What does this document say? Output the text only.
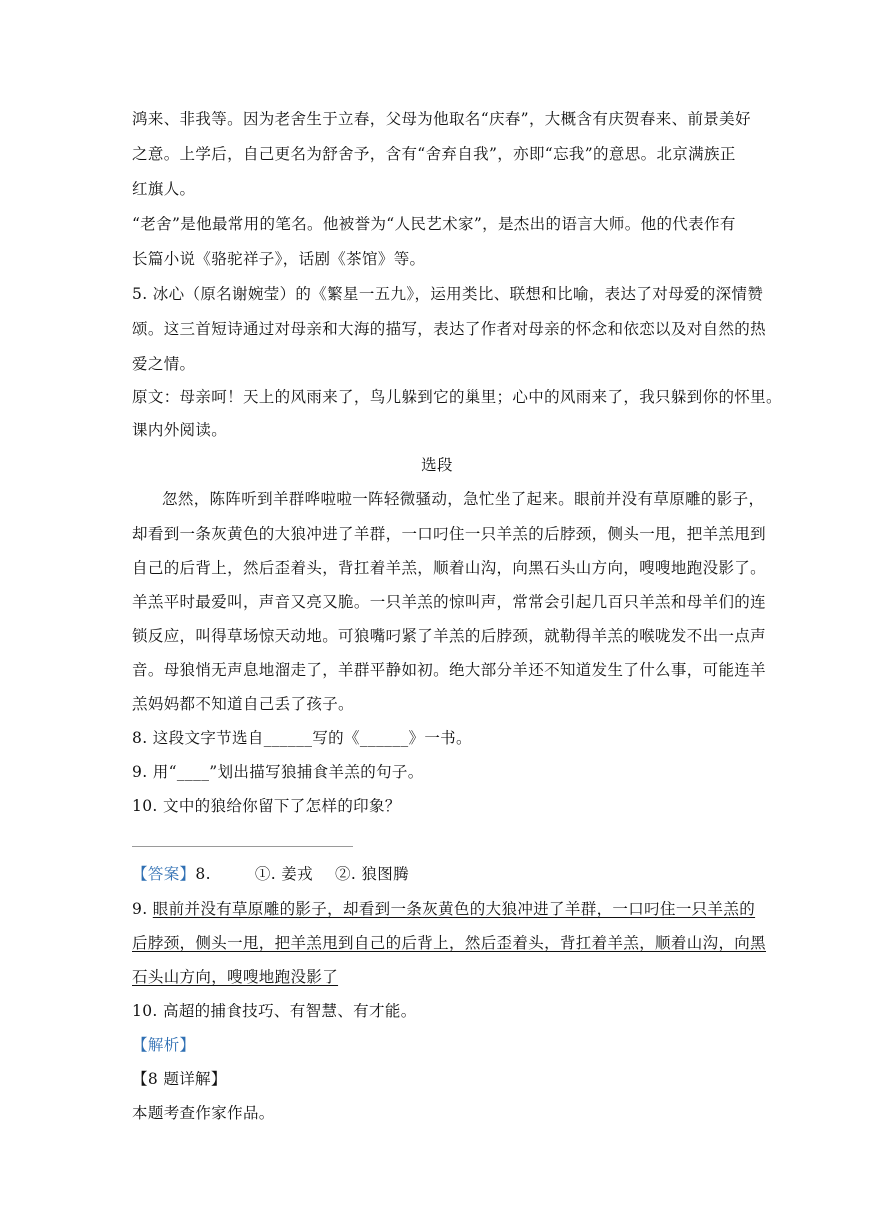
鸿来、非我等。因为老舍生于立春，父母为他取名“庆春”，大概含有庆贺春来、前景美好
之意。上学后，自己更名为舒舍予，含有“舍弃自我”，亦即“忘我”的意思。北京满族正
红旗人。
“老舍”是他最常用的笔名。他被誉为“人民艺术家”，是杰出的语言大师。他的代表作有
长篇小说《骆驼祥子》，话剧《茶馆》等。
5. 冰心（原名谢婉莹）的《繁星一五九》，运用类比、联想和比喻，表达了对母爱的深情赞
颂。这三首短诗通过对母亲和大海的描写，表达了作者对母亲的怀念和依恋以及对自然的热
爱之情。
原文：母亲呵！天上的风雨来了，鸟儿躲到它的巢里；心中的风雨来了，我只躲到你的怀里。
课内外阅读。
选段
忽然，陈阵听到羊群哗啦啦一阵轻微骚动，急忙坐了起来。眼前并没有草原雕的影子，
却看到一条灰黄色的大狼冲进了羊群，一口叼住一只羊羔的后脖颈，侧头一甩，把羊羔甩到
自己的后背上，然后歪着头，背扛着羊羔，顺着山沟，向黑石头山方向，嗖嗖地跑没影了。
羊羔平时最爱叫，声音又亮又脆。一只羊羔的惊叫声，常常会引起几百只羊羔和母羊们的连
锁反应，叫得草场惊天动地。可狼嘴叼紧了羊羔的后脖颈，就勒得羊羔的喉咙发不出一点声
音。母狼悄无声息地溜走了，羊群平静如初。绝大部分羊还不知道发生了什么事，可能连羊
羔妈妈都不知道自己丢了孩子。
8. 这段文字节选自______写的《______》一书。
9. 用“____”划出描写狼捕食羊羔的句子。
10. 文中的狼给你留下了怎样的印象？
【答案】8.	①. 姜戎 ②. 狼图腾
9. 眼前并没有草原雕的影子，却看到一条灰黄色的大狼冲进了羊群，一口叼住一只羊羔的
后脖颈，侧头一甩，把羊羔甩到自己的后背上，然后歪着头，背扛着羊羔，顺着山沟，向黑
石头山方向，嗖嗖地跑没影了
10. 高超的捕食技巧、有智慧、有才能。
【解析】
【8 题详解】
本题考查作家作品。
